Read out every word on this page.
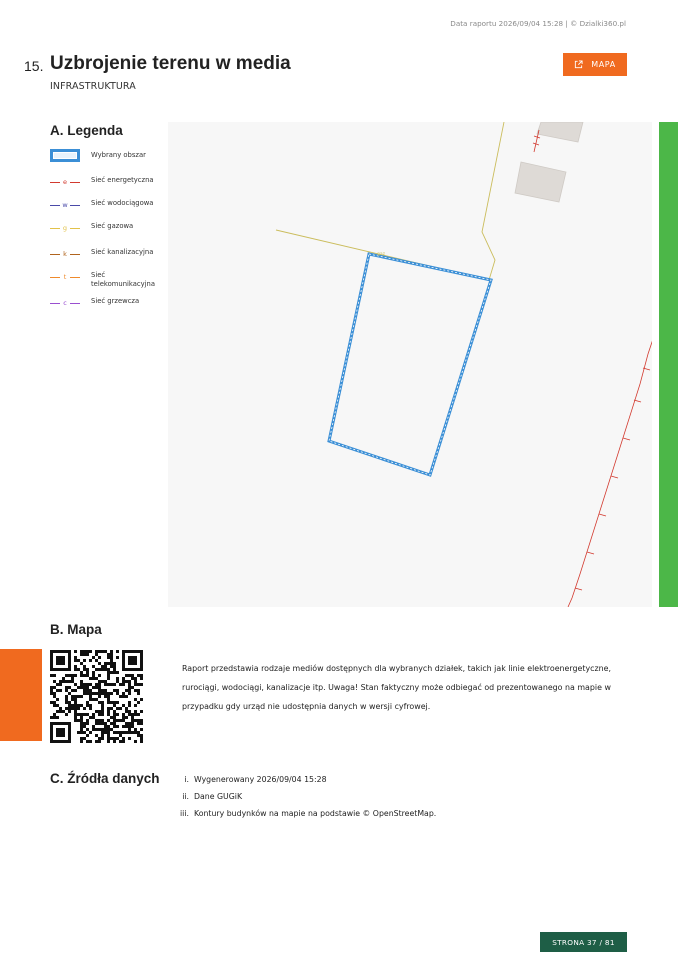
Data raportu 2026/09/04 15:28 | © Dzialki360.pl
15. Uzbrojenie terenu w media
INFRASTRUKTURA
MAPA
A. Legenda
Wybrany obszar
e	Sieć energetyczna
w	Sieć wodociągowa
g	Sieć gazowa
k	Sieć kanalizacyjna
t	Sieć telekomunikacyjna
c	Sieć grzewcza
gaz
B. Mapa

Raport przedstawia rodzaje mediów dostępnych dla wybranych działek, takich jak linie elektroenergetyczne, rurociągi, wodociągi, kanalizacje itp. Uwaga! Stan faktyczny może odbiegać od prezentowanego na mapie w przypadku gdy urząd nie udostępnia danych w wersji cyfrowej.

C. Źródła danych	i. Wygenerowany 2026/09/04 15:28
ii. Dane GUGiK
iii. Kontury budynków na mapie na podstawie © OpenStreetMap.
STRONA 37 / 81
